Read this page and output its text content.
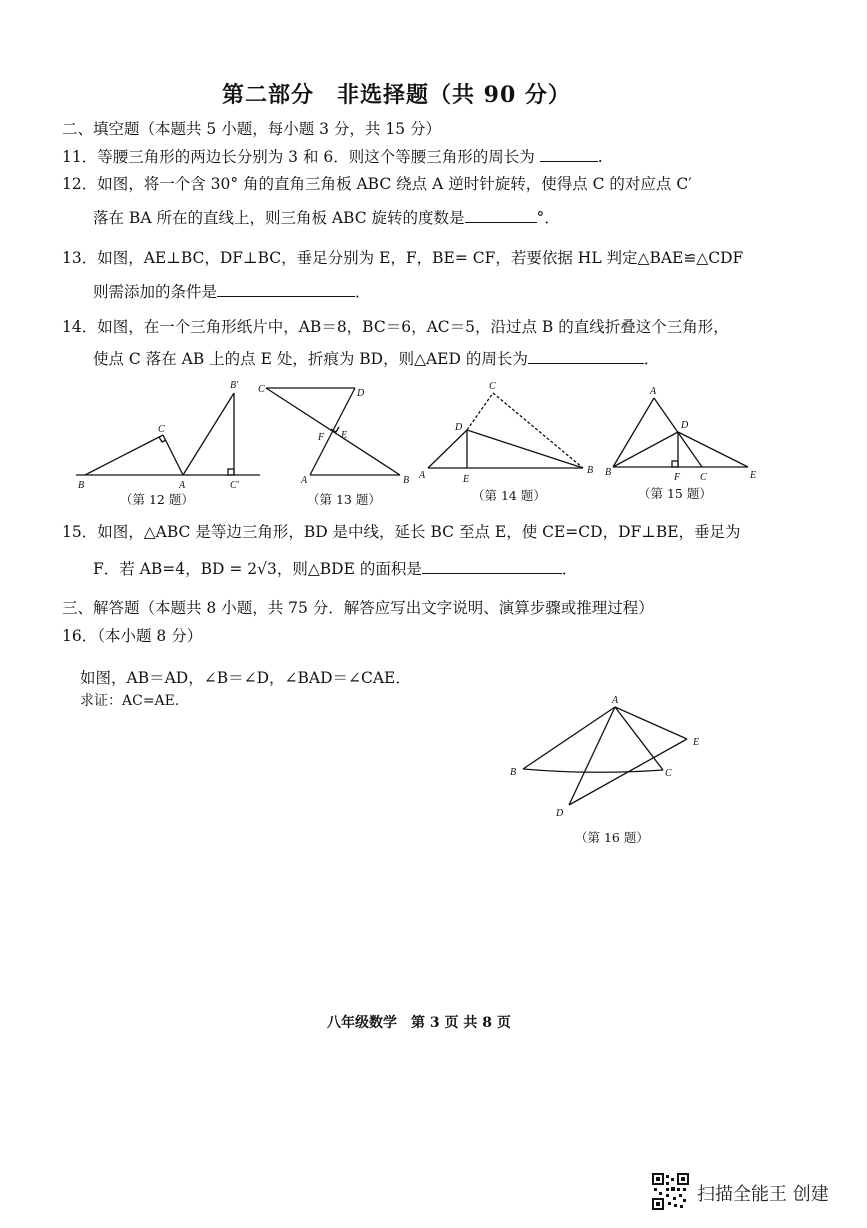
第二部分　非选择题（共 90 分）
二、填空题（本题共 5 小题，每小题 3 分，共 15 分）
11．等腰三角形的两边长分别为 3 和 6．则这个等腰三角形的周长为	.
12．如图，将一个含 30° 角的直角三角板 ABC 绕点 A 逆时针旋转，使得点 C 的对应点 C′
落在 BA 所在的直线上，则三角板 ABC 旋转的度数是	°．
13．如图，AE⊥BC，DF⊥BC，垂足分别为 E，F，BE= CF，若要依据 HL 判定△BAE≌△CDF
则需添加的条件是	．
14．如图，在一个三角形纸片中，AB＝8，BC＝6，AC＝5，沿过点 B 的直线折叠这个三角形，
使点 C 落在 AB 上的点 E 处，折痕为 BD，则△AED 的周长为	．
B
C
A
B′
C′
C	D
F E
A	B
C
D
A	E
B
A
D
B	F C	E
（第 12 题）	（第 13 题）	（第 14 题）	（第 15 题）
15．如图，△ABC 是等边三角形，BD 是中线，延长 BC 至点 E，使 CE=CD，DF⊥BE，垂足为
F．若 AB=4，BD = 2√3，则△BDE 的面积是	．
三、解答题（本题共 8 小题，共 75 分．解答应写出文字说明、演算步骤或推理过程）
16．（本小题 8 分）
如图，AB＝AD，∠B＝∠D，∠BAD＝∠CAE．
求证：AC=AE.	A
E
B	C
D
（第 16 题）
八年级数学　第 3 页 共 8 页
扫描全能王 创建
